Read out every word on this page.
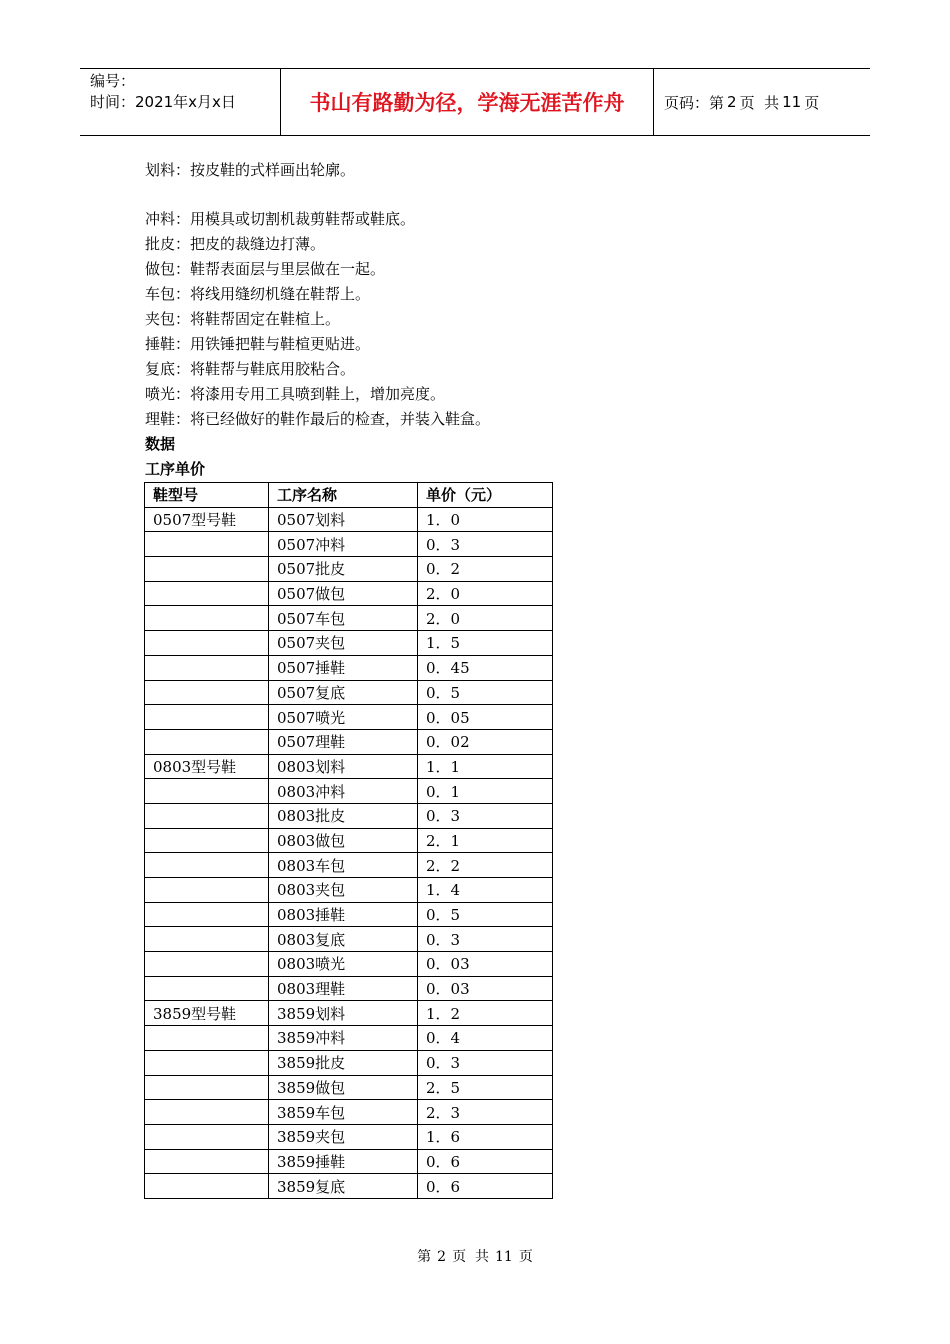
编号：
时间：2021年x月x日	书山有路勤为径，学海无涯苦作舟	页码：第 2 页  共 11 页
划料：按皮鞋的式样画出轮廓。
冲料：用模具或切割机裁剪鞋帮或鞋底。
批皮：把皮的裁缝边打薄。
做包：鞋帮表面层与里层做在一起。
车包：将线用缝纫机缝在鞋帮上。
夹包：将鞋帮固定在鞋楦上。
捶鞋：用铁锤把鞋与鞋楦更贴进。
复底：将鞋帮与鞋底用胶粘合。
喷光：将漆用专用工具喷到鞋上，增加亮度。
理鞋：将已经做好的鞋作最后的检查，并装入鞋盒。
数据
工序单价
鞋型号	工序名称	单价（元）
0507型号鞋	0507划料	1．0
	0507冲料	0．3
	0507批皮	0．2
	0507做包	2．0
	0507车包	2．0
	0507夹包	1．5
	0507捶鞋	0．45
	0507复底	0．5
	0507喷光	0．05
	0507理鞋	0．02
0803型号鞋	0803划料	1．1
	0803冲料	0．1
	0803批皮	0．3
	0803做包	2．1
	0803车包	2．2
	0803夹包	1．4
	0803捶鞋	0．5
	0803复底	0．3
	0803喷光	0．03
	0803理鞋	0．03
3859型号鞋	3859划料	1．2
	3859冲料	0．4
	3859批皮	0．3
	3859做包	2．5
	3859车包	2．3
	3859夹包	1．6
	3859捶鞋	0．6
	3859复底	0．6
第 2 页  共 11 页
